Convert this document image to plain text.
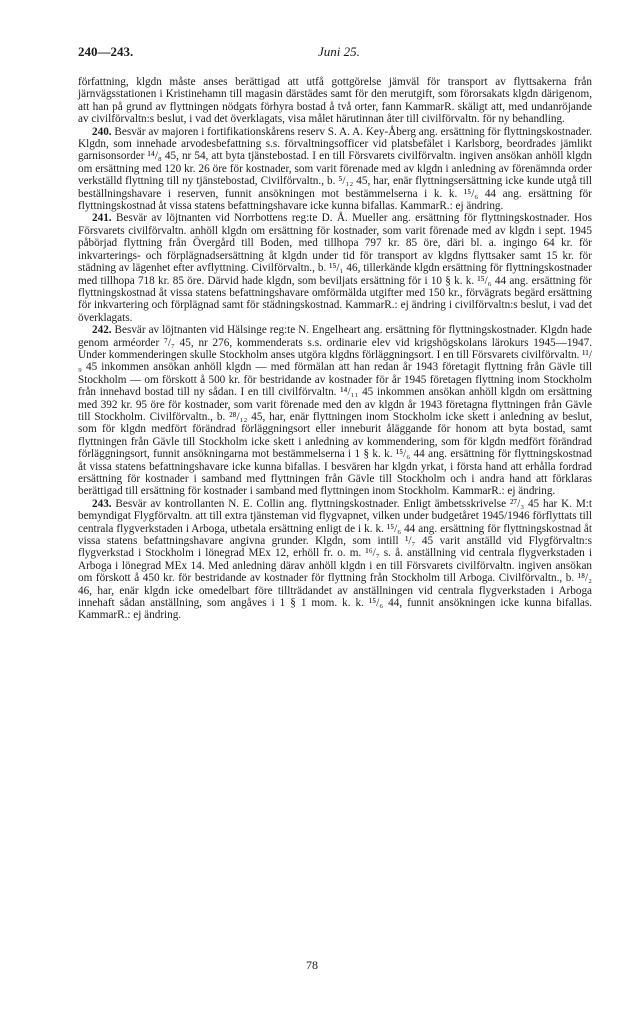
240—243.	Juni 25.

författning, klgdn måste anses berättigad att utfå gottgörelse jämväl för transport av flyttsakerna från järnvägsstationen i Kristinehamn till magasin därstädes samt för den merutgift, som förorsakats klgdn därigenom, att han på grund av flyttningen nödgats förhyra bostad å två orter, fann KammarR. skäligt att, med undanröjande av civilförvaltn:s beslut, i vad det överklagats, visa målet härutinnan åter till civilförvaltn. för ny behandling.

240. Besvär av majoren i fortifikationskårens reserv S. A. A. Key-Åberg ang. ersättning för flyttningskostnader. Klgdn, som innehade arvodesbefattning s.s. förvaltningsofficer vid platsbefälet i Karlsborg, beordrades jämlikt garnisonsorder ¹⁴/₈ 45, nr 54, att byta tjänstebostad. I en till Försvarets civilförvaltn. ingiven ansökan anhöll klgdn om ersättning med 120 kr. 26 öre för kostnader, som varit förenade med av klgdn i anledning av förenämnda order verkställd flyttning till ny tjänstebostad, Civilförvaltn., b. ⁵/₁₂ 45, har, enär flyttningsersättning icke kunde utgå till beställningshavare i reserven, funnit ansökningen mot bestämmelserna i k. k. ¹⁵/₆ 44 ang. ersättning för flyttningskostnad åt vissa statens befattningshavare icke kunna bifallas. KammarR.: ej ändring.

241. Besvär av löjtnanten vid Norrbottens reg:te D. Å. Mueller ang. ersättning för flyttningskostnader. Hos Försvarets civilförvaltn. anhöll klgdn om ersättning för kostnader, som varit förenade med av klgdn i sept. 1945 påbörjad flyttning från Övergård till Boden, med tillhopa 797 kr. 85 öre, däri bl. a. ingingo 64 kr. för inkvarterings- och förplägnadsersättning åt klgdn under tid för transport av klgdns flyttsaker samt 15 kr. för städning av lägenhet efter avflyttning. Civilförvaltn., b. ¹⁵/₁ 46, tillerkände klgdn ersättning för flyttningskostnader med tillhopa 718 kr. 85 öre. Därvid hade klgdn, som beviljats ersättning för i 10 § k. k. ¹⁵/₆ 44 ang. ersättning för flyttningskostnad åt vissa statens befattningshavare omförmälda utgifter med 150 kr., förvägrats begärd ersättning för inkvartering och förplägnad samt för städningskostnad. KammarR.: ej ändring i civilförvaltn:s beslut, i vad det överklagats.

242. Besvär av löjtnanten vid Hälsinge reg:te N. Engelheart ang. ersättning för flyttningskostnader. Klgdn hade genom arméorder ⁷/₇ 45, nr 276, kommenderats s.s. ordinarie elev vid krigshögskolans lärokurs 1945—1947. Under kommenderingen skulle Stockholm anses utgöra klgdns förläggningsort. I en till Försvarets civilförvaltn. ¹¹/₉ 45 inkommen ansökan anhöll klgdn — med förmälan att han redan år 1943 företagit flyttning från Gävle till Stockholm — om förskott å 500 kr. för bestridande av kostnader för år 1945 företagen flyttning inom Stockholm från innehavd bostad till ny sådan. I en till civilförvaltn. ¹⁴/₁₁ 45 inkommen ansökan anhöll klgdn om ersättning med 392 kr. 95 öre för kostnader, som varit förenade med den av klgdn år 1943 företagna flyttningen från Gävle till Stockholm. Civilförvaltn., b. ²⁸/₁₂ 45, har, enär flyttningen inom Stockholm icke skett i anledning av beslut, som för klgdn medfört förändrad förläggningsort eller inneburit åläggande för honom att byta bostad, samt flyttningen från Gävle till Stockholm icke skett i anledning av kommendering, som för klgdn medfört förändrad förläggningsort, funnit ansökningarna mot bestämmelserna i 1 § k. k. ¹⁵/₆ 44 ang. ersättning för flyttningskostnad åt vissa statens befattningshavare icke kunna bifallas. I besvären har klgdn yrkat, i första hand att erhålla fordrad ersättning för kostnader i samband med flyttningen från Gävle till Stockholm och i andra hand att förklaras berättigad till ersättning för kostnader i samband med flyttningen inom Stockholm. KammarR.: ej ändring.

243. Besvär av kontrollanten N. E. Collin ang. flyttningskostnader. Enligt ämbetsskrivelse ²⁷/₃ 45 har K. M:t bemyndigat Flygförvaltn. att till extra tjänsteman vid flygvapnet, vilken under budgetåret 1945/1946 förflyttats till centrala flygverkstaden i Arboga, utbetala ersättning enligt de i k. k. ¹⁵/₆ 44 ang. ersättning för flyttningskostnad åt vissa statens befattningshavare angivna grunder. Klgdn, som intill ¹/₇ 45 varit anställd vid Flygförvaltn:s flygverkstad i Stockholm i lönegrad MEx 12, erhöll fr. o. m. ¹⁶/₇ s. å. anställning vid centrala flygverkstaden i Arboga i lönegrad MEx 14. Med anledning därav anhöll klgdn i en till Försvarets civilförvaltn. ingiven ansökan om förskott å 450 kr. för bestridande av kostnader för flyttning från Stockholm till Arboga. Civilförvaltn., b. ¹⁸/₂ 46, har, enär klgdn icke omedelbart före tillträdandet av anställningen vid centrala flygverkstaden i Arboga innehaft sådan anställning, som angåves i 1 § 1 mom. k. k. ¹⁵/₆ 44, funnit ansökningen icke kunna bifallas. KammarR.: ej ändring.

78
